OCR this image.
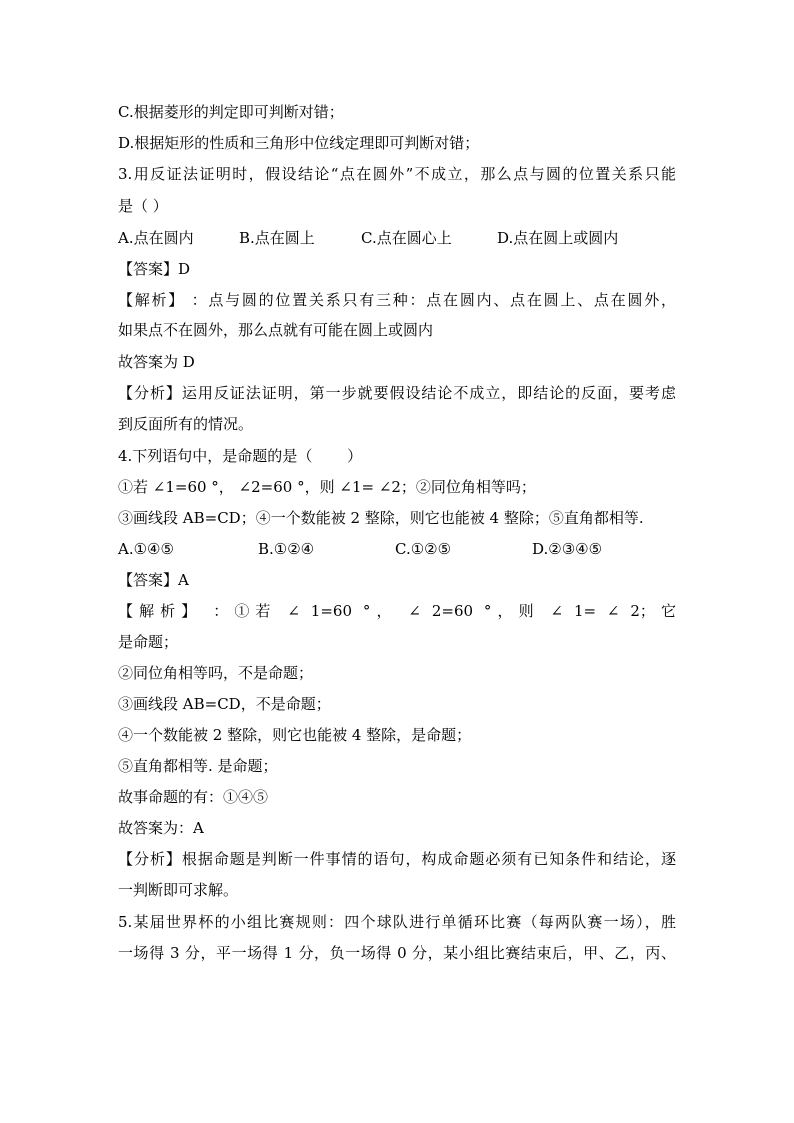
C.根据菱形的判定即可判断对错；
D.根据矩形的性质和三角形中位线定理即可判断对错；
3.用反证法证明时，假设结论“点在圆外”不成立，那么点与圆的位置关系只能
是（ ）
A.点在圆内	B.点在圆上	C.点在圆心上	D.点在圆上或圆内
【答案】D
【解析】 ：点与圆的位置关系只有三种：点在圆内、点在圆上、点在圆外，
如果点不在圆外，那么点就有可能在圆上或圆内
故答案为 D
【分析】运用反证法证明，第一步就要假设结论不成立，即结论的反面，要考虑
到反面所有的情况。
4.下列语句中，是命题的是（　　 ）
①若 ∠1=60 °， ∠2=60 °，则 ∠1= ∠2；②同位角相等吗；
③画线段 AB=CD；④一个数能被 2 整除，则它也能被 4 整除；⑤直角都相等.
A.①④⑤	B.①②④	C.①②⑤	D.②③④⑤
【答案】A
【解析】 ：①若 ∠ 1=60 °， ∠ 2=60 °，则 ∠ 1= ∠ 2；它
是命题；
②同位角相等吗，不是命题；
③画线段 AB=CD，不是命题；
④一个数能被 2 整除，则它也能被 4 整除，是命题；
⑤直角都相等. 是命题；
故事命题的有：①④⑤
故答案为：A
【分析】根据命题是判断一件事情的语句，构成命题必须有已知条件和结论，逐
一判断即可求解。
5.某届世界杯的小组比赛规则：四个球队进行单循环比赛（每两队赛一场），胜
一场得 3 分，平一场得 1 分，负一场得 0 分，某小组比赛结束后，甲、乙，丙、
